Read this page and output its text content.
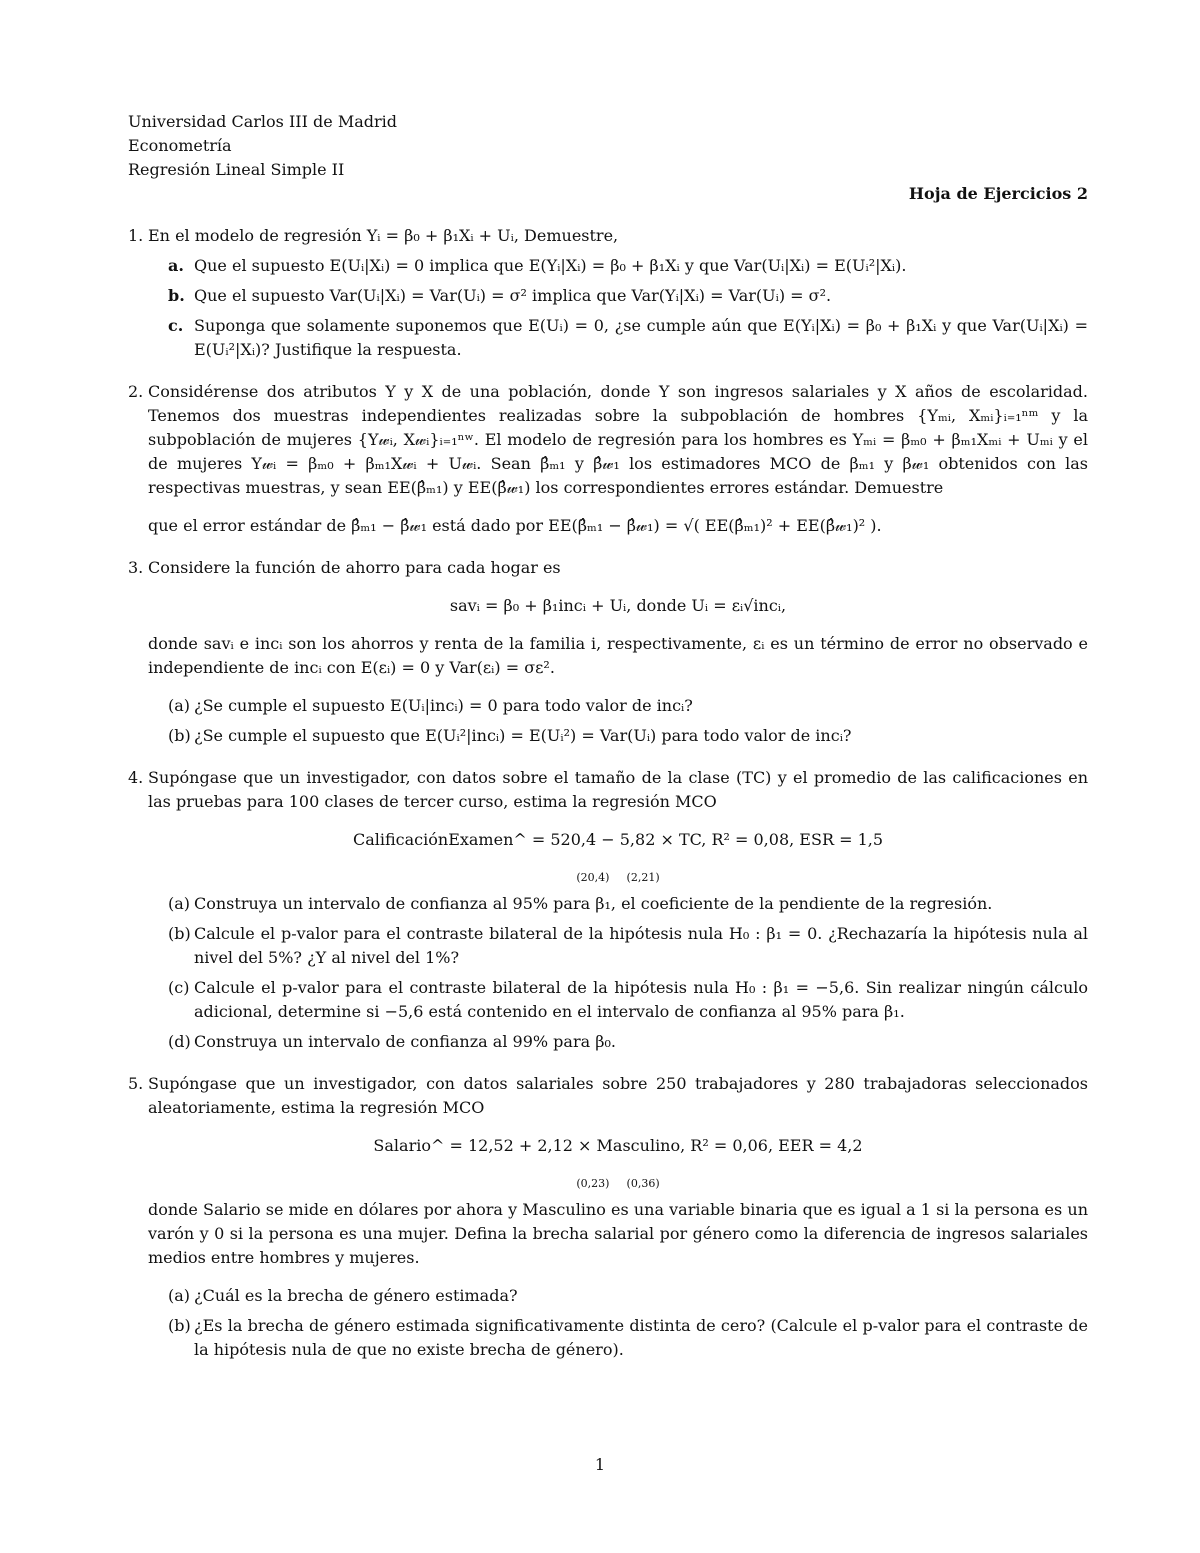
Universidad Carlos III de Madrid
Econometría
Regresión Lineal Simple II
Hoja de Ejercicios 2
1. En el modelo de regresión Yᵢ = β₀ + β₁Xᵢ + Uᵢ, Demuestre,
a. Que el supuesto E(Uᵢ|Xᵢ) = 0 implica que E(Yᵢ|Xᵢ) = β₀ + β₁Xᵢ y que Var(Uᵢ|Xᵢ) = E(Uᵢ²|Xᵢ).
b. Que el supuesto Var(Uᵢ|Xᵢ) = Var(Uᵢ) = σ² implica que Var(Yᵢ|Xᵢ) = Var(Uᵢ) = σ².
c. Suponga que solamente suponemos que E(Uᵢ) = 0, ¿se cumple aún que E(Yᵢ|Xᵢ) = β₀ + β₁Xᵢ y que Var(Uᵢ|Xᵢ) = E(Uᵢ²|Xᵢ)? Justifique la respuesta.
2. Considérense dos atributos Y y X de una población, donde Y son ingresos salariales y X años de escolaridad. Tenemos dos muestras independientes realizadas sobre la subpoblación de hombres {Yₘᵢ, Xₘᵢ}ᵢ₌₁ⁿᵐ y la subpoblación de mujeres {Y𝓌ᵢ, X𝓌ᵢ}ᵢ₌₁ⁿʷ. El modelo de regresión para los hombres es Yₘᵢ = βₘ₀ + βₘ₁Xₘᵢ + Uₘᵢ y el de mujeres Y𝓌ᵢ = βₘ₀ + βₘ₁X𝓌ᵢ + U𝓌ᵢ. Sean β̂ₘ₁ y β̂𝓌₁ los estimadores MCO de βₘ₁ y β𝓌₁ obtenidos con las respectivas muestras, y sean EE(β̂ₘ₁) y EE(β̂𝓌₁) los correspondientes errores estándar. Demuestre
que el error estándar de β̂ₘ₁ − β̂𝓌₁ está dado por EE(β̂ₘ₁ − β̂𝓌₁) = √( EE(β̂ₘ₁)² + EE(β̂𝓌₁)² ).
3. Considere la función de ahorro para cada hogar es
savᵢ = β₀ + β₁incᵢ + Uᵢ, donde Uᵢ = εᵢ√incᵢ,
donde savᵢ e incᵢ son los ahorros y renta de la familia i, respectivamente, εᵢ es un término de error no observado e independiente de incᵢ con E(εᵢ) = 0 y Var(εᵢ) = σε².
(a) ¿Se cumple el supuesto E(Uᵢ|incᵢ) = 0 para todo valor de incᵢ?
(b) ¿Se cumple el supuesto que E(Uᵢ²|incᵢ) = E(Uᵢ²) = Var(Uᵢ) para todo valor de incᵢ?
4. Supóngase que un investigador, con datos sobre el tamaño de la clase (TC) y el promedio de las calificaciones en las pruebas para 100 clases de tercer curso, estima la regresión MCO
CalificaciónExamen^ = 520,4 − 5,82 × TC, R² = 0,08, ESR = 1,5
$_{(20,4)}$ $_{(2,21)}$
(a) Construya un intervalo de confianza al 95% para β₁, el coeficiente de la pendiente de la regresión.
(b) Calcule el p-valor para el contraste bilateral de la hipótesis nula H₀ : β₁ = 0. ¿Rechazaría la hipótesis nula al nivel del 5%? ¿Y al nivel del 1%?
(c) Calcule el p-valor para el contraste bilateral de la hipótesis nula H₀ : β₁ = −5,6. Sin realizar ningún cálculo adicional, determine si −5,6 está contenido en el intervalo de confianza al 95% para β₁.
(d) Construya un intervalo de confianza al 99% para β₀.
5. Supóngase que un investigador, con datos salariales sobre 250 trabajadores y 280 trabajadoras seleccionados aleatoriamente, estima la regresión MCO
Salario^ = 12,52 + 2,12 × Masculino, R² = 0,06, EER = 4,2
$_{(0,23)}$ $_{(0,36)}$
donde Salario se mide en dólares por ahora y Masculino es una variable binaria que es igual a 1 si la persona es un varón y 0 si la persona es una mujer. Defina la brecha salarial por género como la diferencia de ingresos salariales medios entre hombres y mujeres.
(a) ¿Cuál es la brecha de género estimada?
(b) ¿Es la brecha de género estimada significativamente distinta de cero? (Calcule el p-valor para el contraste de la hipótesis nula de que no existe brecha de género).
1
